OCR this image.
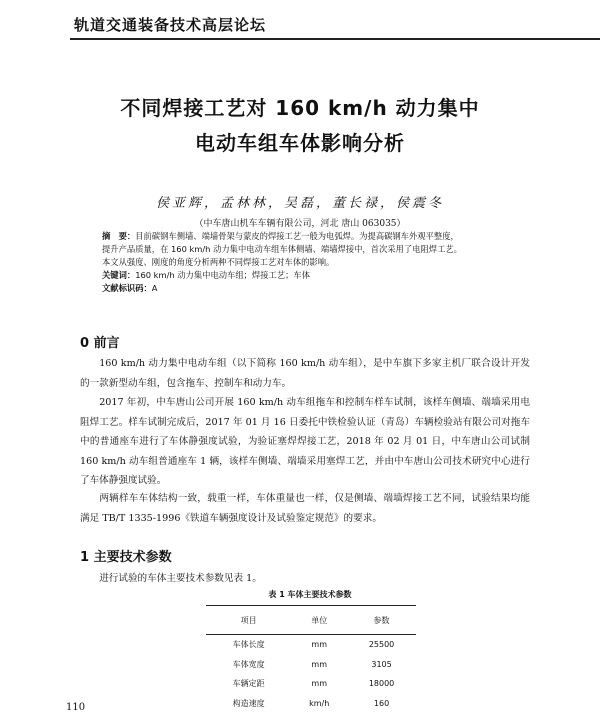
轨道交通装备技术高层论坛
不同焊接工艺对 160 km/h 动力集中
电动车组车体影响分析
侯亚辉，孟林林，吴磊，董长禄，侯震冬
（中车唐山机车车辆有限公司，河北 唐山 063035）
摘　要：目前碳钢车侧墙、端墙骨架与蒙皮的焊接工艺一般为电弧焊。为提高碳钢车外观平整度，
提升产品质量，在 160 km/h 动力集中电动车组车体侧墙、端墙焊接中，首次采用了电阻焊工艺。
本文从强度、刚度的角度分析两种不同焊接工艺对车体的影响。
关键词：160 km/h 动力集中电动车组；焊接工艺；车体
文献标识码：A
0 前言
160 km/h 动力集中电动车组（以下简称 160 km/h 动车组），是中车旗下多家主机厂联合设计开发的一款新型动车组，包含拖车、控制车和动力车。
2017 年初，中车唐山公司开展 160 km/h 动车组拖车和控制车样车试制，该样车侧墙、端墙采用电阻焊工艺。样车试制完成后，2017 年 01 月 16 日委托中铁检验认证（青岛）车辆检验站有限公司对拖车中的普通座车进行了车体静强度试验，为验证塞焊焊接工艺，2018 年 02 月 01 日，中车唐山公司试制 160 km/h 动车组普通座车 1 辆，该样车侧墙、端墙采用塞焊工艺，并由中车唐山公司技术研究中心进行了车体静强度试验。
两辆样车车体结构一致，载重一样，车体重量也一样，仅是侧墙、端墙焊接工艺不同，试验结果均能满足 TB/T 1335-1996《铁道车辆强度设计及试验鉴定规范》的要求。
1 主要技术参数
进行试验的车体主要技术参数见表 1。
表 1 车体主要技术参数
项目	单位	参数
车体长度	mm	25500
车体宽度	mm	3105
车辆定距	mm	18000
构造速度	km/h	160
110
